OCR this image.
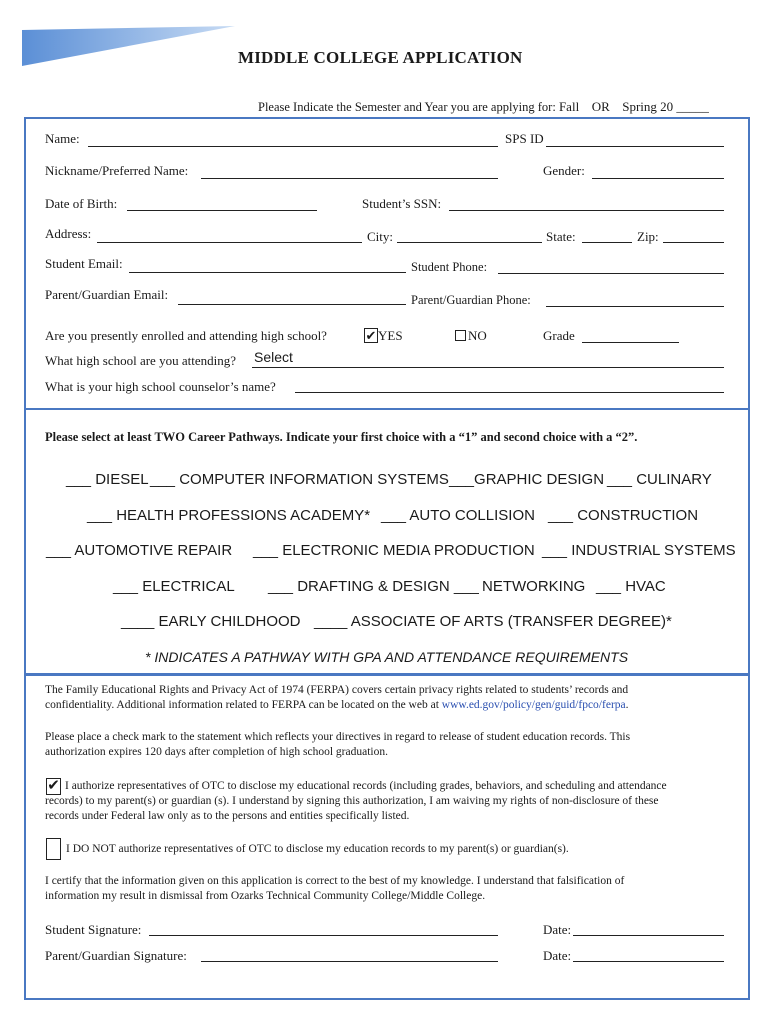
MIDDLE COLLEGE APPLICATION
Please Indicate the Semester and Year you are applying for: Fall OR Spring 20 _____
Name:	SPS ID
Nickname/Preferred Name:	Gender:
Date of Birth:	Student’s SSN:
Address:	City:	State:	Zip:
Student Email:	Student Phone:
Parent/Guardian Email:	Parent/Guardian Phone:
Are you presently enrolled and attending high school?	✔ YES	NO	Grade
What high school are you attending? Select
What is your high school counselor’s name?
Please select at least TWO Career Pathways. Indicate your first choice with a “1” and second choice with a “2”.
___ DIESEL ___ COMPUTER INFORMATION SYSTEMS ___GRAPHIC DESIGN ___ CULINARY
___ HEALTH PROFESSIONS ACADEMY* ___ AUTO COLLISION ___ CONSTRUCTION
___ AUTOMOTIVE REPAIR ___ ELECTRONIC MEDIA PRODUCTION ___ INDUSTRIAL SYSTEMS
___ ELECTRICAL ___ DRAFTING & DESIGN ___ NETWORKING ___ HVAC
____ EARLY CHILDHOOD ____ ASSOCIATE OF ARTS (TRANSFER DEGREE)*
* INDICATES A PATHWAY WITH GPA AND ATTENDANCE REQUIREMENTS
The Family Educational Rights and Privacy Act of 1974 (FERPA) covers certain privacy rights related to students’ records and
confidentiality. Additional information related to FERPA can be located on the web at www.ed.gov/policy/gen/guid/fpco/ferpa.
Please place a check mark to the statement which reflects your directives in regard to release of student education records. This
authorization expires 120 days after completion of high school graduation.
✔ I authorize representatives of OTC to disclose my educational records (including grades, behaviors, and scheduling and attendance
records) to my parent(s) or guardian (s). I understand by signing this authorization, I am waiving my rights of non-disclosure of these
records under Federal law only as to the persons and entities specifically listed.
I DO NOT authorize representatives of OTC to disclose my education records to my parent(s) or guardian(s).
I certify that the information given on this application is correct to the best of my knowledge. I understand that falsification of
information my result in dismissal from Ozarks Technical Community College/Middle College.
Student Signature:	Date:
Parent/Guardian Signature:	Date:
